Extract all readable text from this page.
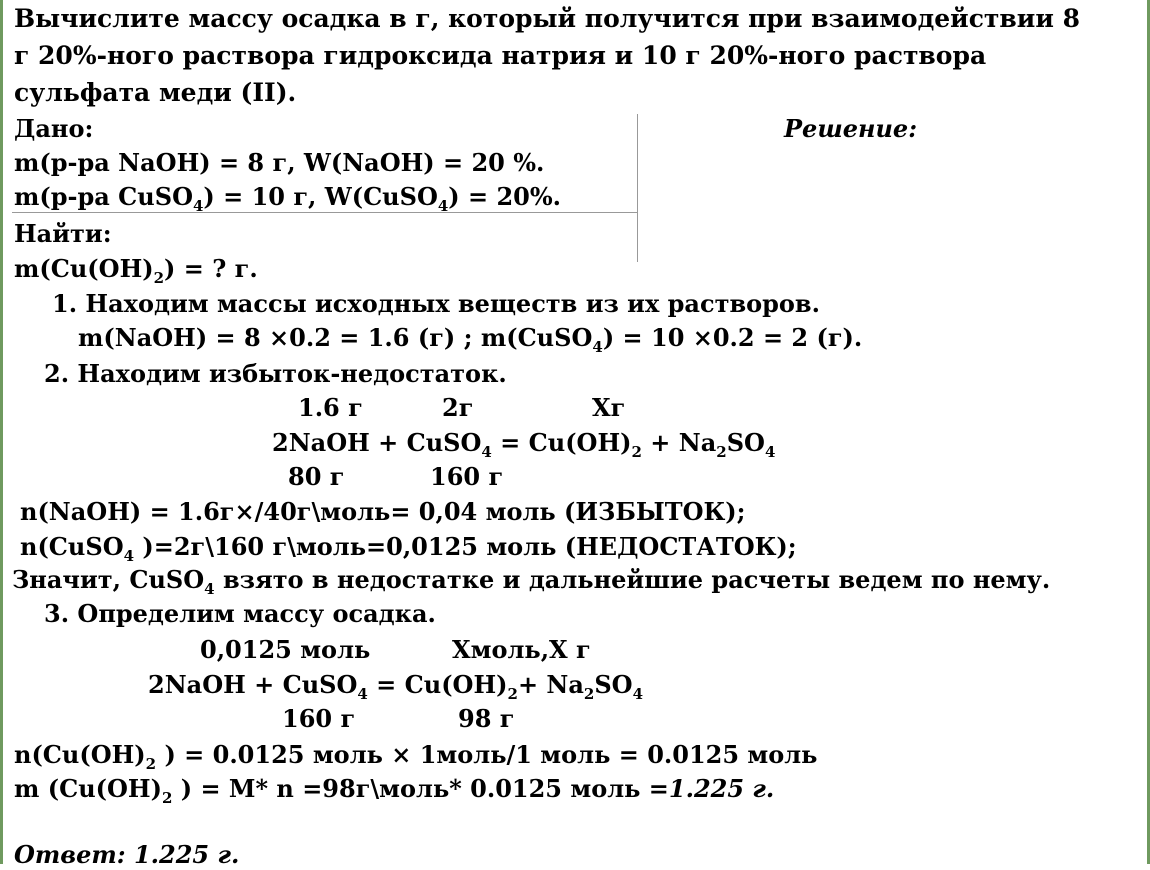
Вычислите массу осадка в г, который получится при взаимодействии 8
г 20%-ного раствора гидроксида натрия и 10 г 20%-ного раствора
сульфата меди (II).
Дано:	Решение:
m(р-ра NaOH) = 8 г, W(NaOH) = 20 %.
m(р-ра CuSO$_4$) = 10 г, W(CuSO$_4$) = 20%.
Найти:
$m(Cu(OH)_2)$ = ? г.
1. Находим массы исходных веществ из их растворов.
m(NaOH) = 8 ×0.2 = 1.6 (г) ; m(CuSO$_4$) = 10 ×0.2 = 2 (г).
2. Находим избыток-недостаток.
1.6 г	2г	Хг
2NaOH + CuSO$_4$ = $Cu(OH)_2 + Na_2SO_4$
80 г	160 г
n(NaOH) = 1.6г×/40г\моль= 0,04 моль (ИЗБЫТОК);
n(CuSO$_4$ )=2г\160 г\моль=0,0125 моль (НЕДОСТАТОК);
Значит, CuSO$_4$ взято в недостатке и дальнейшие расчеты ведем по нему.
3. Определим массу осадка.
0,0125 моль	Хмоль,Х г
2NaOH + CuSO$_4$ = $Cu(OH)_2+ Na_2SO_4$
160 г	98 г
$n(Cu(OH)_2$ ) = 0.0125 моль × 1моль/1 моль = 0.0125 моль
m ($Cu(OH)_2$ ) = M* n =98г\моль* 0.0125 моль =1.225 г.
Ответ: 1.225 г.
